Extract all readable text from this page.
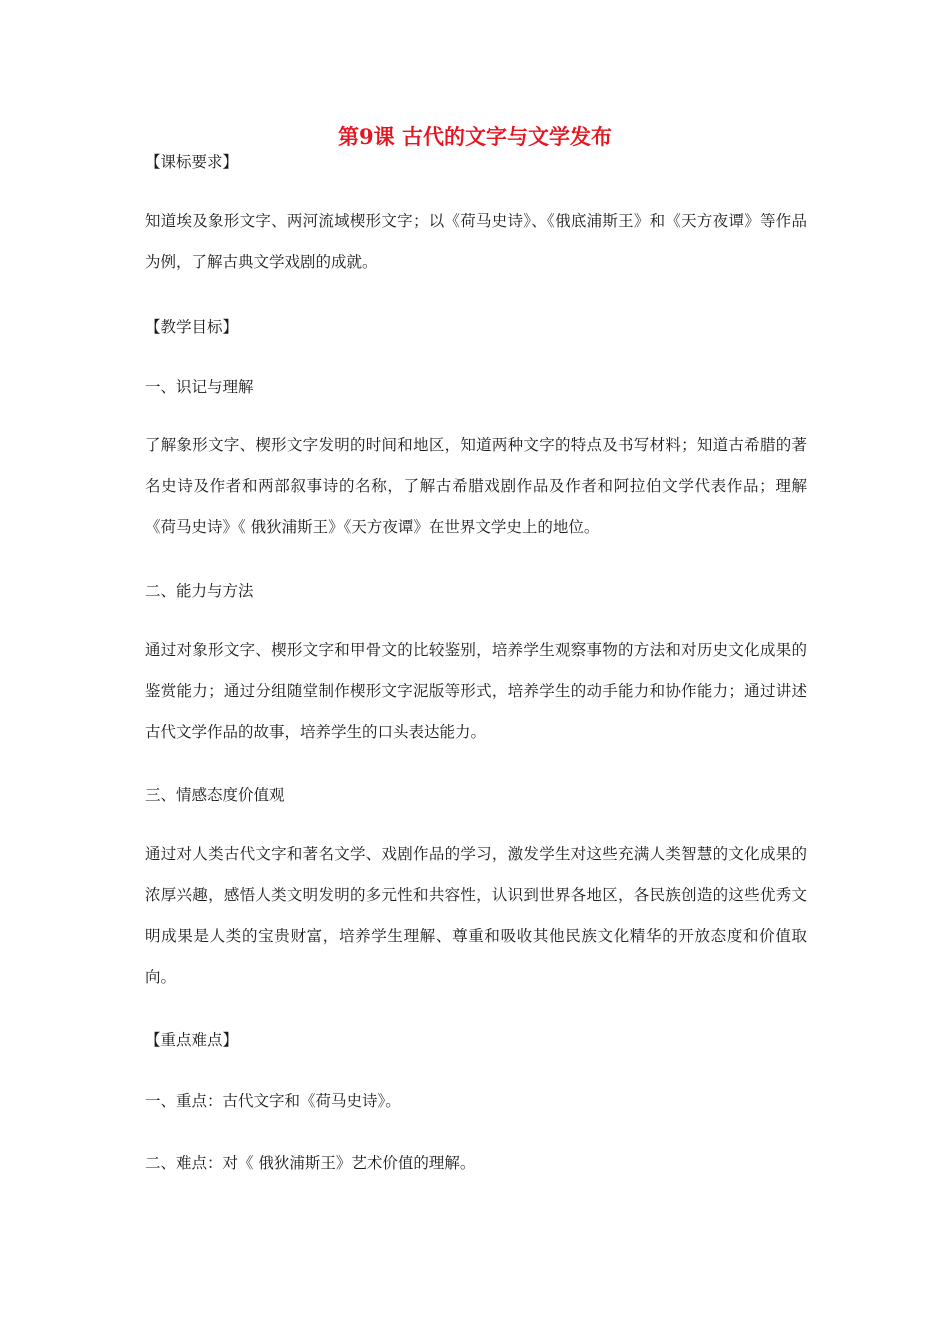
第9课 古代的文字与文学发布
【课标要求】
知道埃及象形文字、两河流域楔形文字；以《荷马史诗》、《俄底浦斯王》和《天方夜谭》等作品为例，了解古典文学戏剧的成就。
【教学目标】
一、识记与理解
了解象形文字、楔形文字发明的时间和地区，知道两种文字的特点及书写材料；知道古希腊的著名史诗及作者和两部叙事诗的名称，了解古希腊戏剧作品及作者和阿拉伯文学代表作品；理解《荷马史诗》《 俄狄浦斯王》《天方夜谭》在世界文学史上的地位。
二、能力与方法
通过对象形文字、楔形文字和甲骨文的比较鉴别，培养学生观察事物的方法和对历史文化成果的鉴赏能力；通过分组随堂制作楔形文字泥版等形式，培养学生的动手能力和协作能力；通过讲述古代文学作品的故事，培养学生的口头表达能力。
三、情感态度价值观
通过对人类古代文字和著名文学、戏剧作品的学习，激发学生对这些充满人类智慧的文化成果的浓厚兴趣，感悟人类文明发明的多元性和共容性，认识到世界各地区，各民族创造的这些优秀文明成果是人类的宝贵财富，培养学生理解、尊重和吸收其他民族文化精华的开放态度和价值取向。
【重点难点】
一、重点：古代文字和《荷马史诗》。
二、难点：对《 俄狄浦斯王》艺术价值的理解。
